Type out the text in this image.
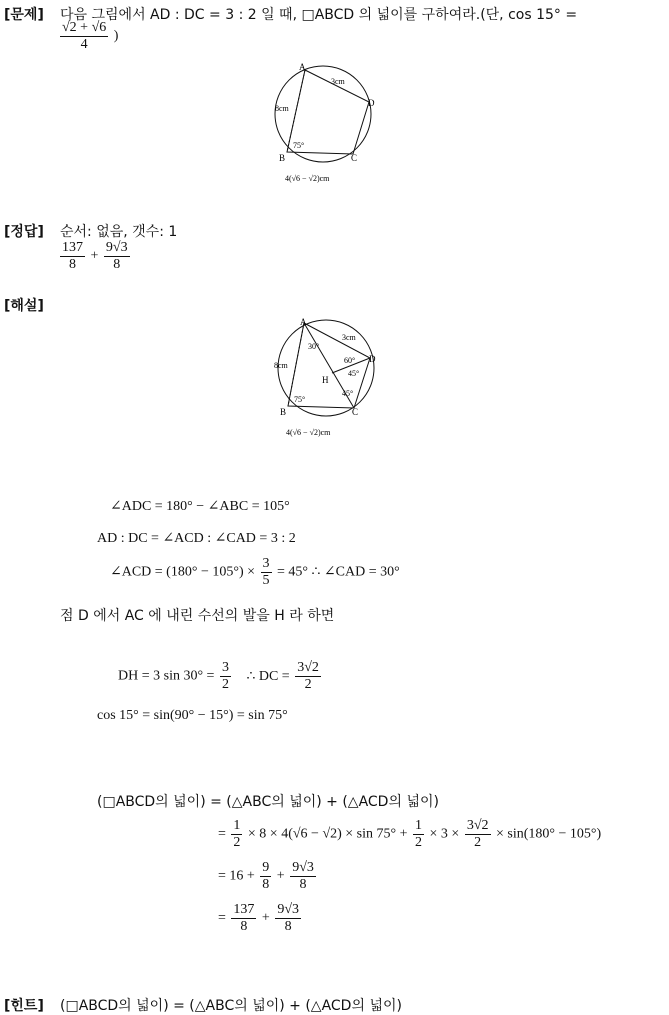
[문제] 다음 그림에서 AD : DC = 3 : 2 일 때, □ABCD 의 넓이를 구하여라.(단, cos 15° =
$\frac{√2 + √6}{4}$ )
A
D
C
B
3cm
8cm
75°
4(√6 − √2)cm
[정답] 순서: 없음, 갯수: 1
$\frac{137}{8} + \frac{9√3}{8}$
[해설]
A
D
C
B
H
3cm
8cm
30°
60°
45°
45°
75°
4(√6 − √2)cm
∠ADC = 180° − ∠ABC = 105°
AD : DC = ∠ACD : ∠CAD = 3 : 2
∠ACD = $(180^\circ - 105^\circ) \times \frac{3}{5} = 45^\circ$ ∴ ∠CAD = 30°
점 D 에서 AC 에 내린 수선의 발을 H 라 하면
DH = 3 $\sin 30^\circ = \frac{3}{2}$ ∴ DC = $\frac{3√2}{2}$
cos 15° = sin(90° − 15°) = sin 75°
(□ABCD의 넓이) = (△ABC의 넓이) + (△ACD의 넓이)
= $\frac{1}{2} \times 8 \times 4(√6 - √2) \times \sin 75^\circ + \frac{1}{2} \times 3 \times \frac{3√2}{2} \times \sin(180^\circ - 105^\circ)$
= $16 + \frac{9}{8} + \frac{9√3}{8}$
= $\frac{137}{8} + \frac{9√3}{8}$
[힌트] (□ABCD의 넓이) = (△ABC의 넓이) + (△ACD의 넓이)
